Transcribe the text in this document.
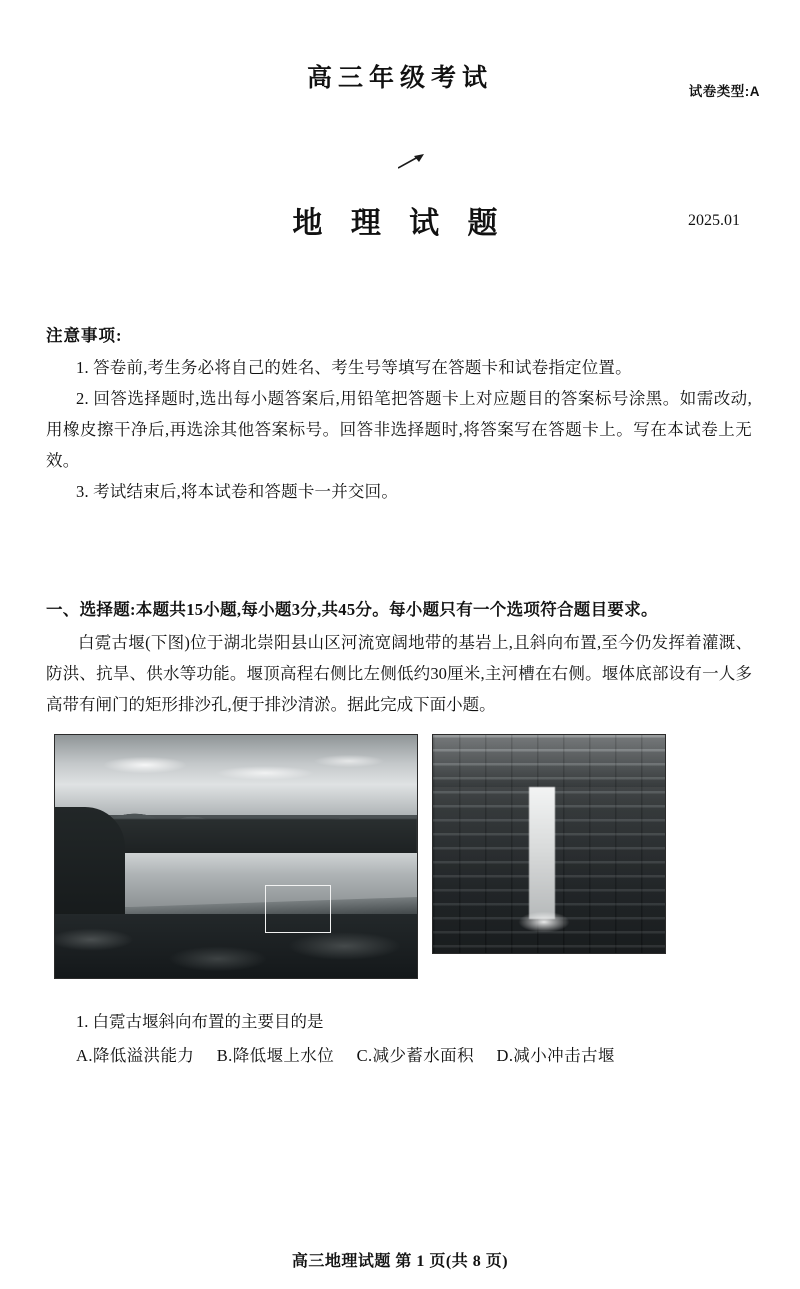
试卷类型:A
高三年级考试
地 理 试 题	2025.01
注意事项:
1. 答卷前,考生务必将自己的姓名、考生号等填写在答题卡和试卷指定位置。
2. 回答选择题时,选出每小题答案后,用铅笔把答题卡上对应题目的答案标号涂黑。如需改动,用橡皮擦干净后,再选涂其他答案标号。回答非选择题时,将答案写在答题卡上。写在本试卷上无效。
3. 考试结束后,将本试卷和答题卡一并交回。
一、选择题:本题共15小题,每小题3分,共45分。每小题只有一个选项符合题目要求。
白霓古堰(下图)位于湖北崇阳县山区河流宽阔地带的基岩上,且斜向布置,至今仍发挥着灌溉、防洪、抗旱、供水等功能。堰顶高程右侧比左侧低约30厘米,主河槽在右侧。堰体底部设有一人多高带有闸门的矩形排沙孔,便于排沙清淤。据此完成下面小题。
1. 白霓古堰斜向布置的主要目的是
A.降低溢洪能力 B.降低堰上水位 C.减少蓄水面积 D.减小冲击古堰
高三地理试题 第 1 页(共 8 页)
